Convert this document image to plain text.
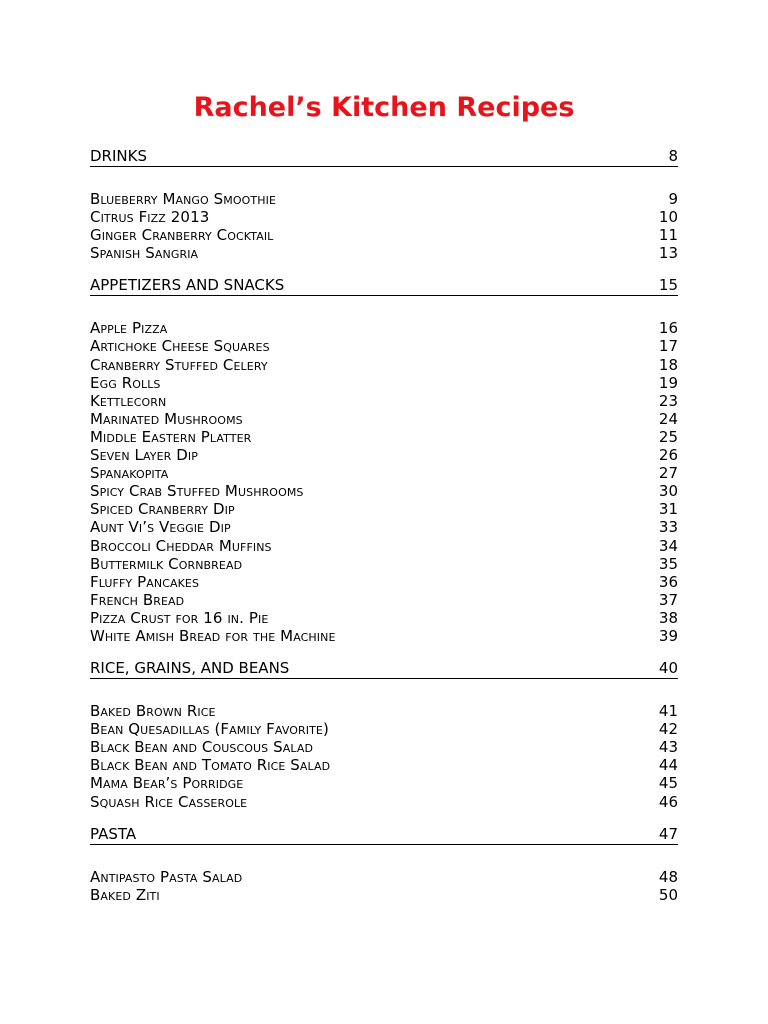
Rachel’s Kitchen Recipes
DRINKS	8
Blueberry Mango Smoothie	9
Citrus Fizz 2013	10
Ginger Cranberry Cocktail	11
Spanish Sangria	13
APPETIZERS AND SNACKS	15
Apple Pizza	16
Artichoke Cheese Squares	17
Cranberry Stuffed Celery	18
Egg Rolls	19
Kettlecorn	23
Marinated Mushrooms	24
Middle Eastern Platter	25
Seven Layer Dip	26
Spanakopita	27
Spicy Crab Stuffed Mushrooms	30
Spiced Cranberry Dip	31
Aunt Vi’s Veggie Dip	33
Broccoli Cheddar Muffins	34
Buttermilk Cornbread	35
Fluffy Pancakes	36
French Bread	37
Pizza Crust for 16 in. Pie	38
White Amish Bread for the Machine	39
RICE, GRAINS, AND BEANS	40
Baked Brown Rice	41
Bean Quesadillas (Family Favorite)	42
Black Bean and Couscous Salad	43
Black Bean and Tomato Rice Salad	44
Mama Bear’s Porridge	45
Squash Rice Casserole	46
PASTA	47
Antipasto Pasta Salad	48
Baked Ziti	50
